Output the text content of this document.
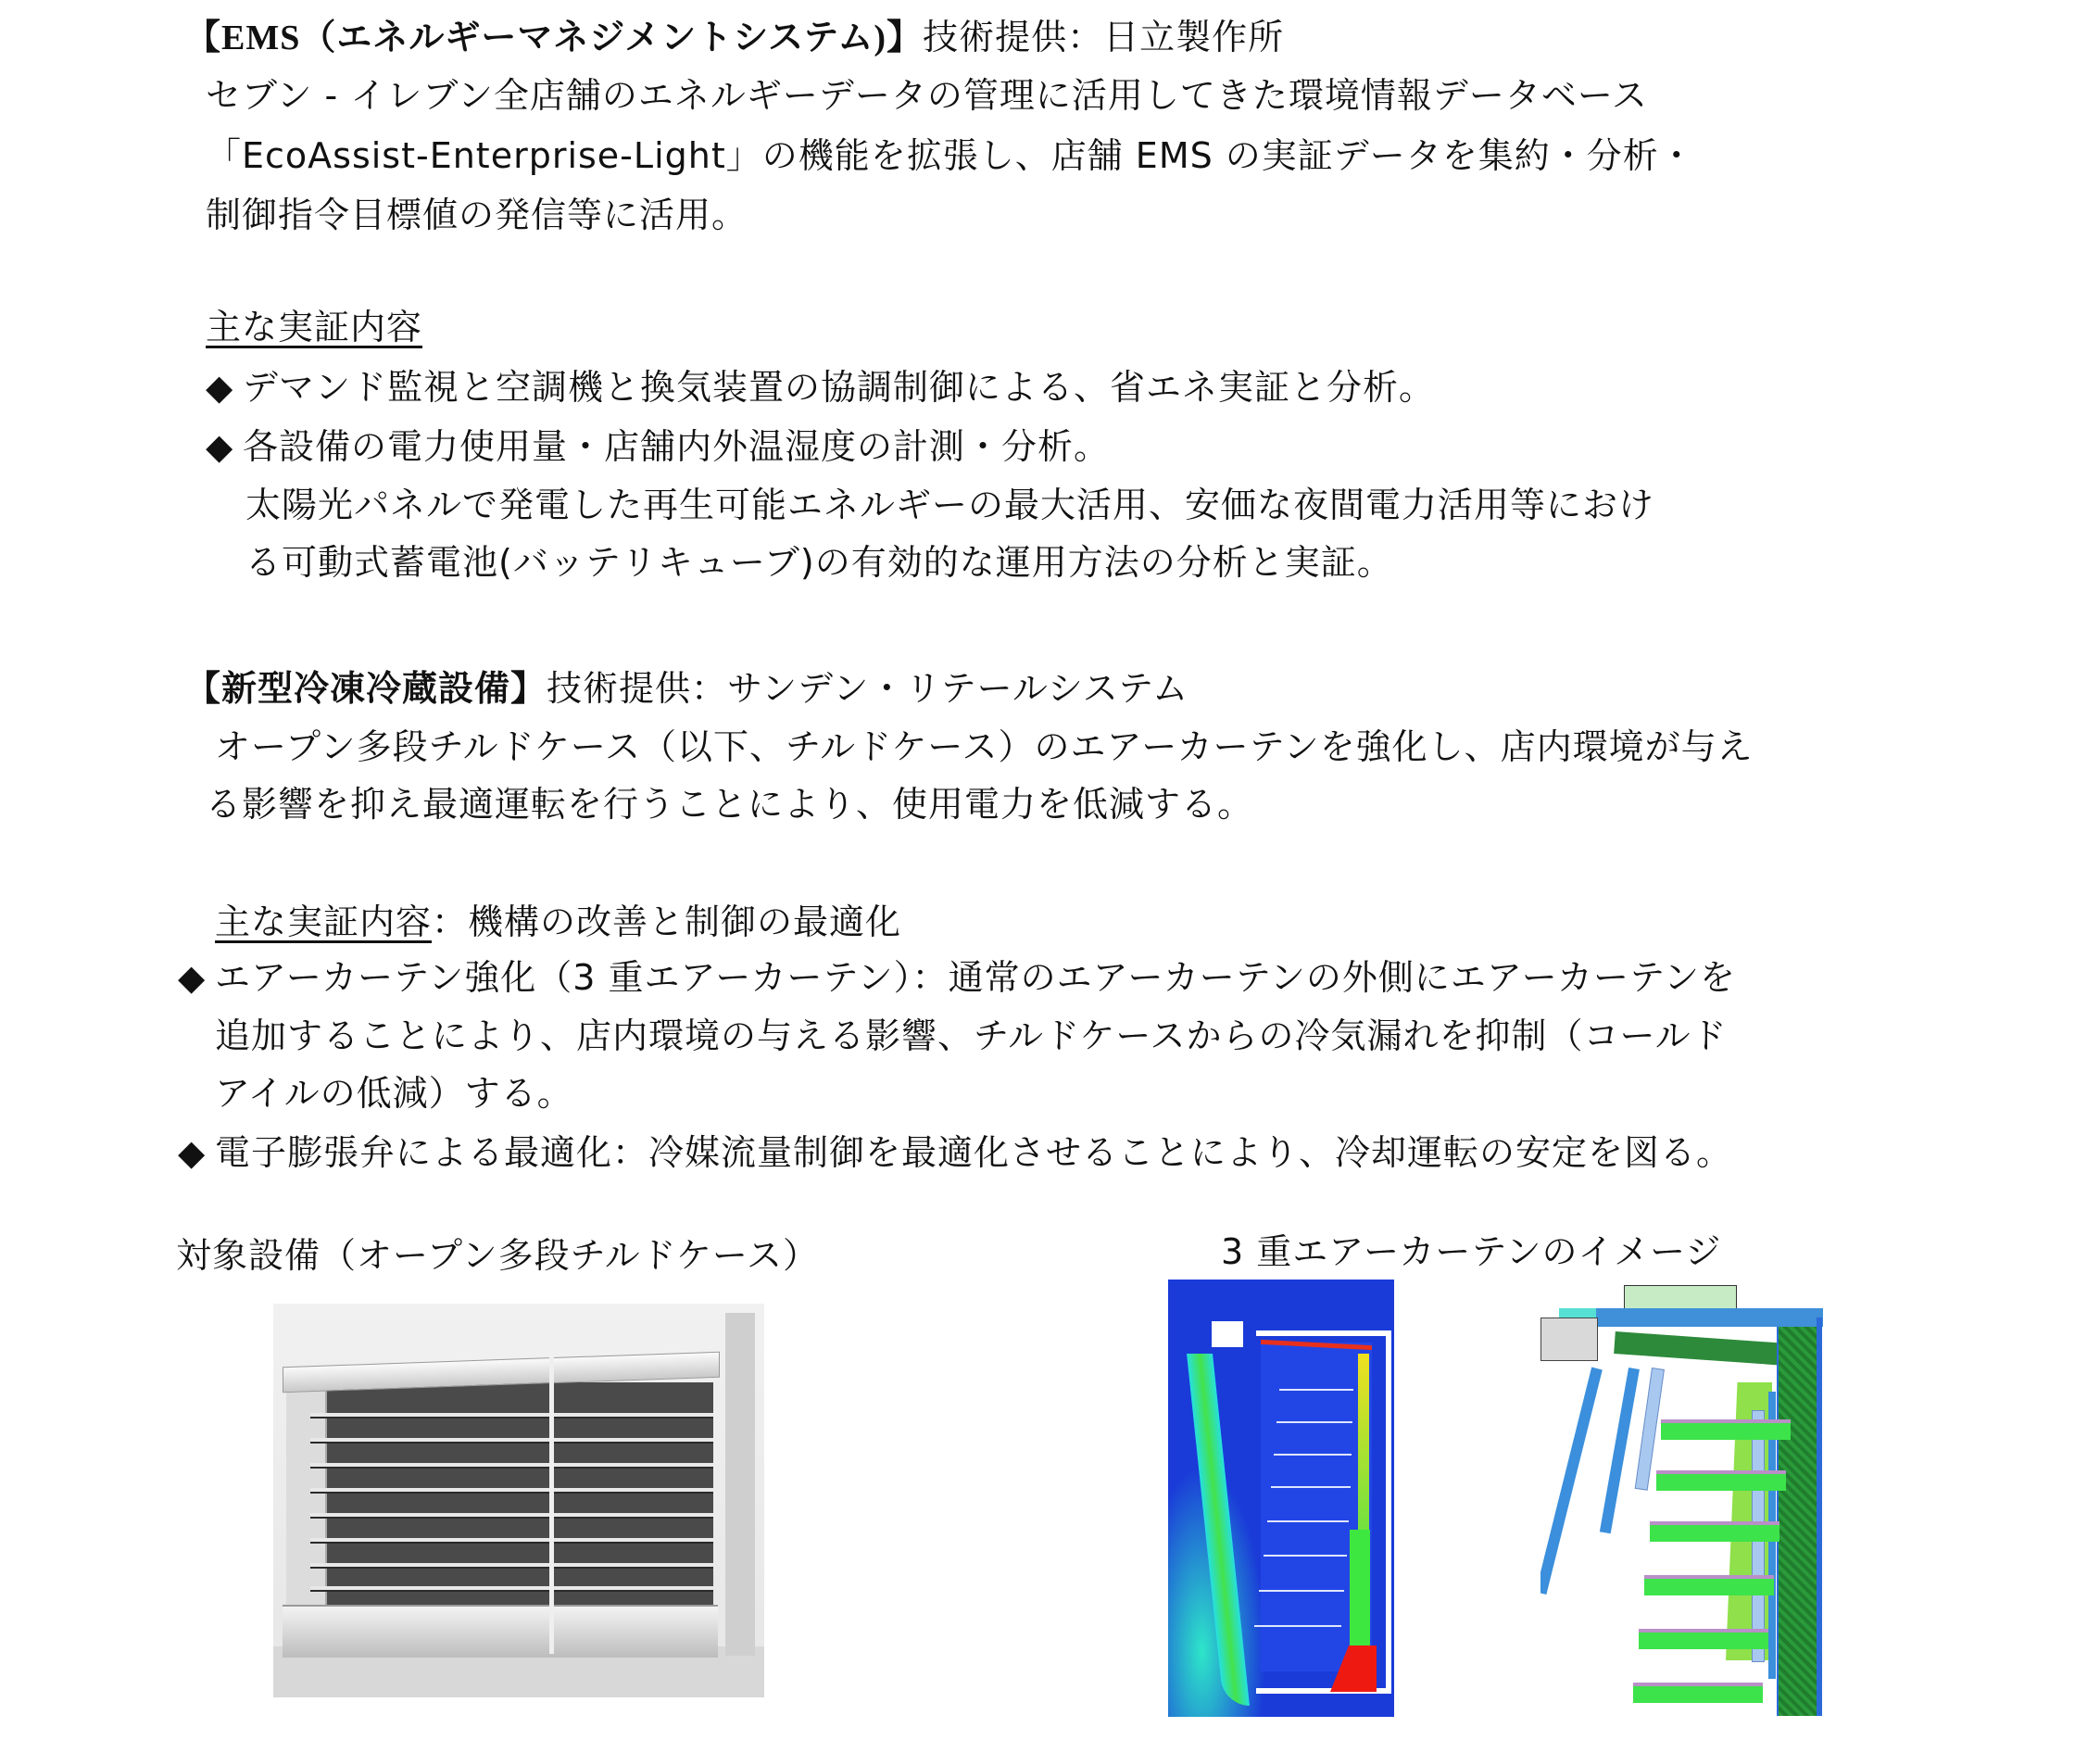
【EMS（エネルギーマネジメントシステム)】技術提供：日立製作所
セブン - イレブン全店舗のエネルギーデータの管理に活用してきた環境情報データベース
「EcoAssist-Enterprise-Light」の機能を拡張し、店舗 EMS の実証データを集約・分析・
制御指令目標値の発信等に活用。
主な実証内容
◆ デマンド監視と空調機と換気装置の協調制御による、省エネ実証と分析。
◆ 各設備の電力使用量・店舗内外温湿度の計測・分析。
太陽光パネルで発電した再生可能エネルギーの最大活用、安価な夜間電力活用等におけ
る可動式蓄電池(バッテリキューブ)の有効的な運用方法の分析と実証。
【新型冷凍冷蔵設備】技術提供：サンデン・リテールシステム
オープン多段チルドケース（以下、チルドケース）のエアーカーテンを強化し、店内環境が与え
る影響を抑え最適運転を行うことにより、使用電力を低減する。
主な実証内容：機構の改善と制御の最適化
◆ エアーカーテン強化（3 重エアーカーテン）：通常のエアーカーテンの外側にエアーカーテンを
追加することにより、店内環境の与える影響、チルドケースからの冷気漏れを抑制（コールド
アイルの低減）する。
◆ 電子膨張弁による最適化：冷媒流量制御を最適化させることにより、冷却運転の安定を図る。
対象設備（オープン多段チルドケース）	3 重エアーカーテンのイメージ
